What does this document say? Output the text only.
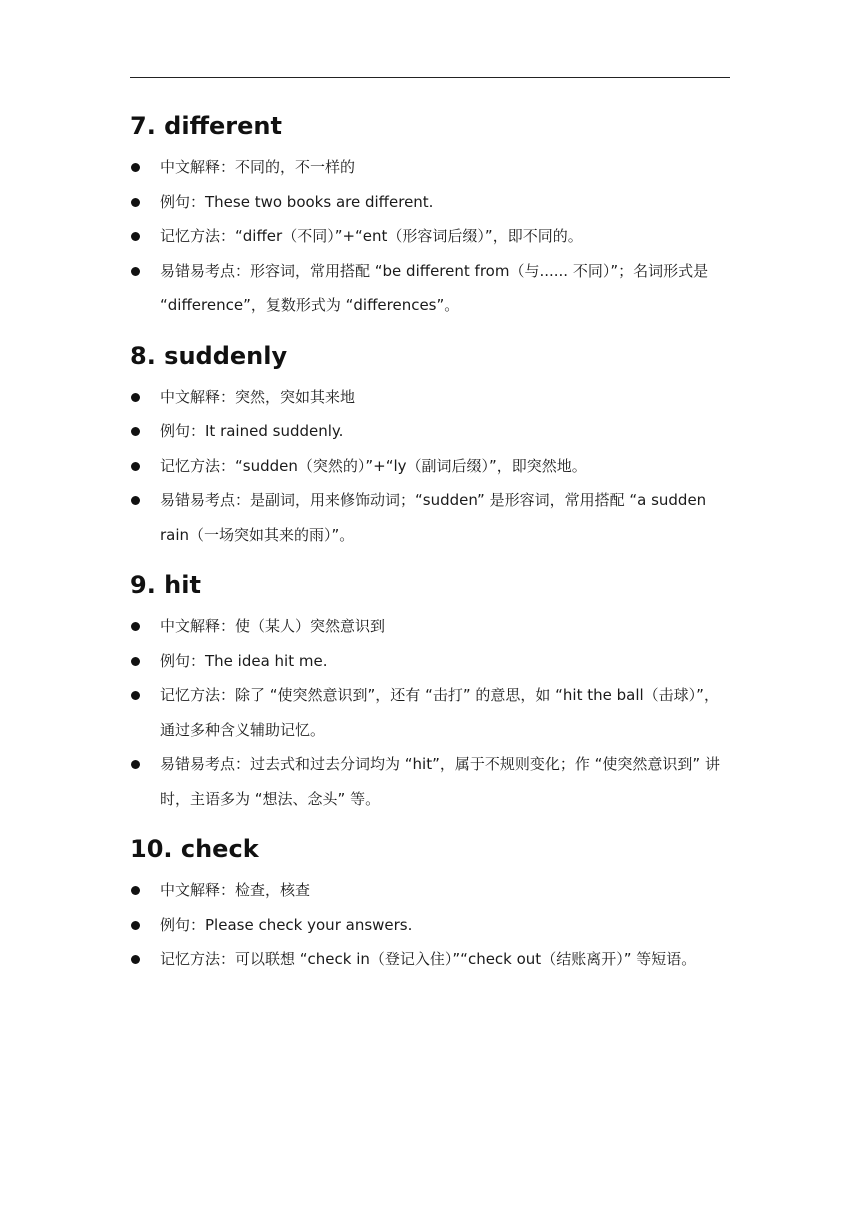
7. different
中文解释：不同的，不一样的
例句：These two books are different.
记忆方法：“differ（不同）”+“ent（形容词后缀）”，即不同的。
易错易考点：形容词，常用搭配 “be different from（与...... 不同）”；名词形式是 “difference”，复数形式为 “differences”。
8. suddenly
中文解释：突然，突如其来地
例句：It rained suddenly.
记忆方法：“sudden（突然的）”+“ly（副词后缀）”，即突然地。
易错易考点：是副词，用来修饰动词；“sudden” 是形容词，常用搭配 “a sudden rain（一场突如其来的雨）”。
9. hit
中文解释：使（某人）突然意识到
例句：The idea hit me.
记忆方法：除了 “使突然意识到”，还有 “击打” 的意思，如 “hit the ball（击球）”，通过多种含义辅助记忆。
易错易考点：过去式和过去分词均为 “hit”，属于不规则变化；作 “使突然意识到” 讲时，主语多为 “想法、念头” 等。
10. check
中文解释：检查，核查
例句：Please check your answers.
记忆方法：可以联想 “check in（登记入住）”“check out（结账离开）” 等短语。
